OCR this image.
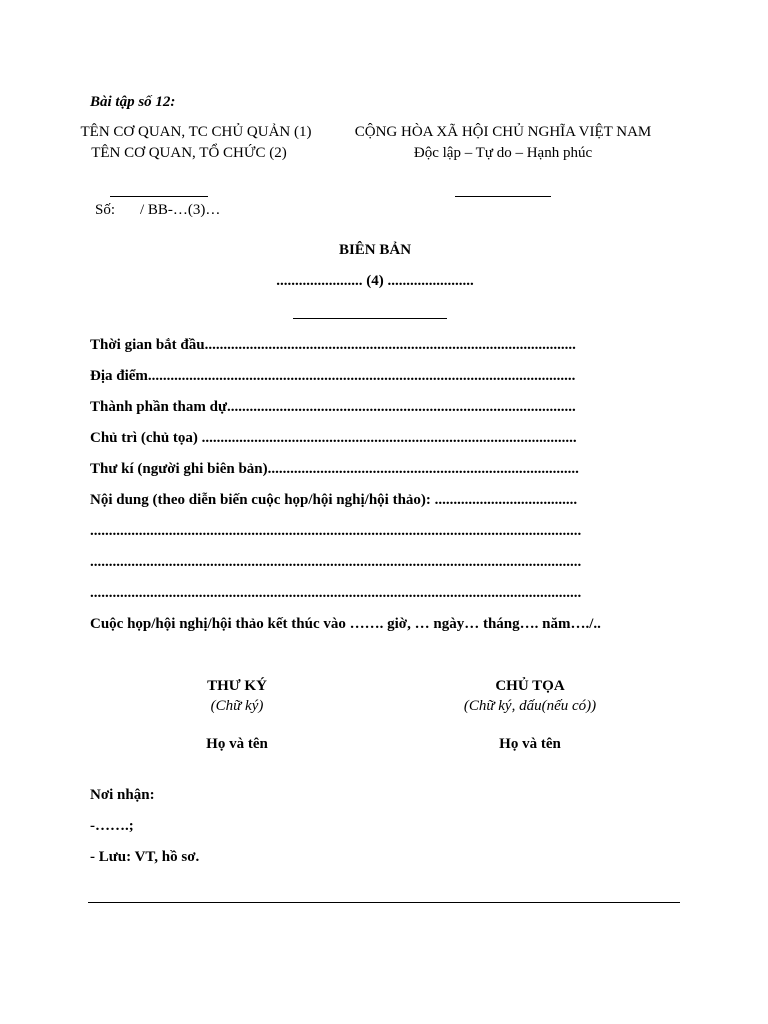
Bài tập số 12:
TÊN CƠ QUAN, TC CHỦ QUẢN (1)
TÊN CƠ QUAN, TỔ CHỨC (2)
CỘNG HÒA XÃ HỘI CHỦ NGHĨA VIỆT NAM
Độc lập – Tự do – Hạnh phúc
Số: / BB-…(3)…
BIÊN BẢN
....................... (4) .......................
Thời gian bắt đầu...................................................................................................
Địa điểm..................................................................................................................
Thành phần tham dự.............................................................................................
Chủ trì (chủ tọa) ....................................................................................................
Thư kí (người ghi biên bản)...................................................................................
Nội dung (theo diễn biến cuộc họp/hội nghị/hội thảo): ......................................
...................................................................................................................................
...................................................................................................................................
...................................................................................................................................
Cuộc họp/hội nghị/hội thảo kết thúc vào ……. giờ, … ngày… tháng…. năm…./..
THƯ KÝ
(Chữ ký)
Họ và tên
CHỦ TỌA
(Chữ ký, dấu(nếu có))
Họ và tên
Nơi nhận:
-…….;
- Lưu: VT, hồ sơ.
